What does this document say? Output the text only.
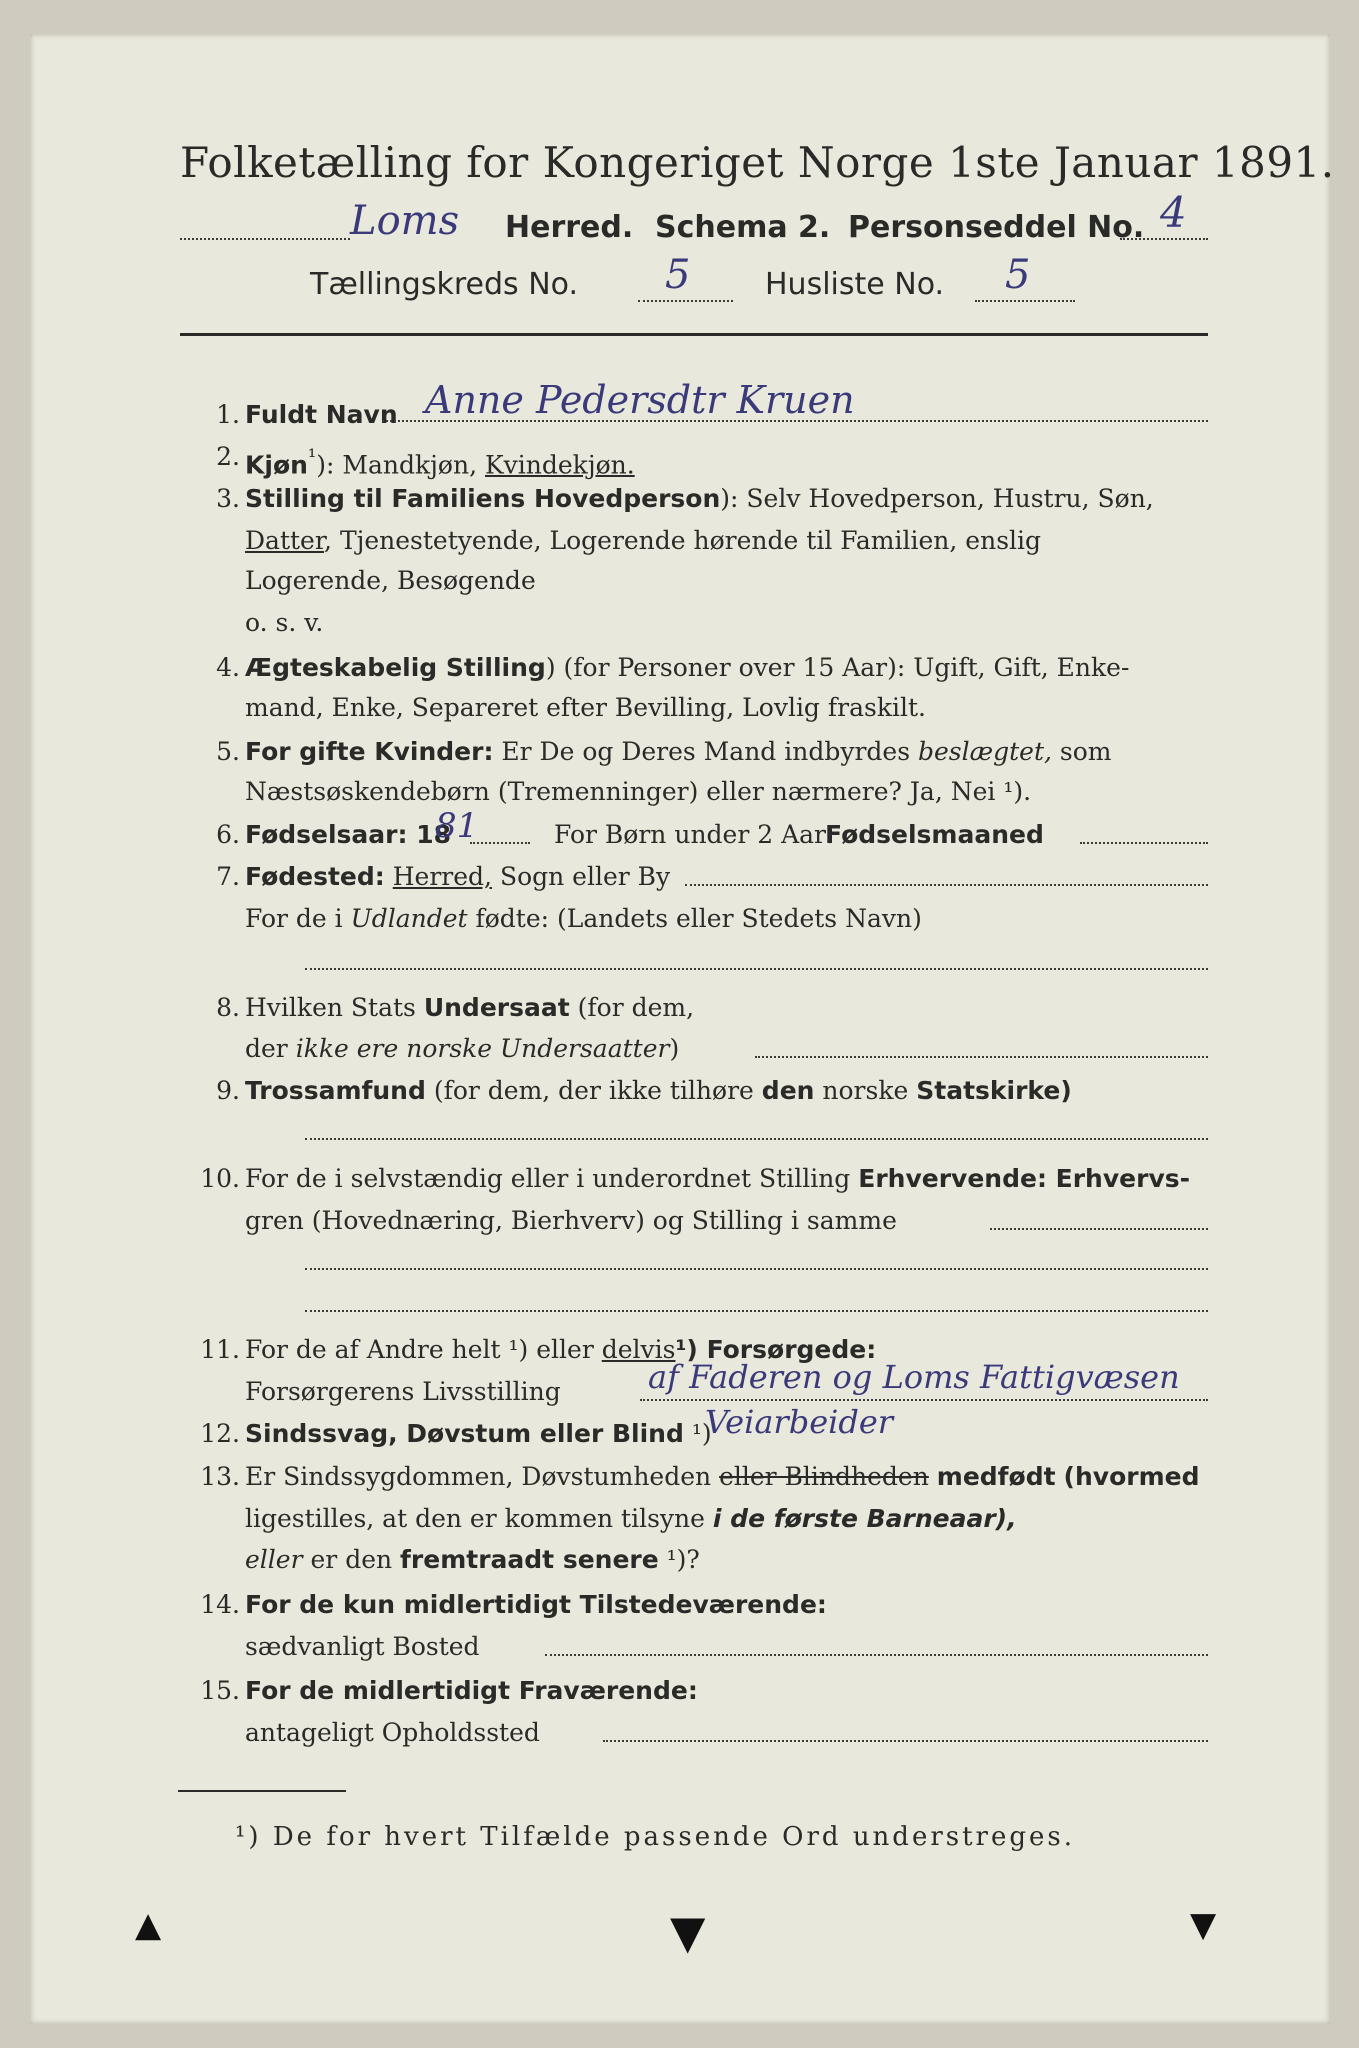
Folketælling for Kongeriget Norge 1ste Januar 1891.
Loms Herred. Schema 2. Personseddel No. 4
Tællingskreds No. 5 Husliste No. 5
1. Fuldt Navn Anne Pedersdtr Kruen
2. Kjøn$^{^1}$): Mandkjøn, Kvindekjøn.
3. Stilling til Familiens Hovedperson): Selv Hovedperson, Hustru, Søn,
Datter, Tjenestetyende, Logerende hørende til Familien, enslig
Logerende, Besøgende
o. s. v.
4. Ægteskabelig Stilling) (for Personer over 15 Aar): Ugift, Gift, Enke-
mand, Enke, Separeret efter Bevilling, Lovlig fraskilt.
5. For gifte Kvinder: Er De og Deres Mand indbyrdes beslægtet, som
Næstsøskendebørn (Tremenninger) eller nærmere? Ja, Nei ¹).
6. Fødselsaar: 18	For Børn under 2 Aar:
Fødselsmaaned
81
7. Fødested: Herred, Sogn eller By
For de i Udlandet fødte: (Landets eller Stedets Navn)
8. Hvilken Stats Undersaat (for dem,
der ikke ere norske Undersaatter)
9. Trossamfund (for dem, der ikke tilhøre den norske Statskirke)
10. For de i selvstændig eller i underordnet Stilling Erhvervende: Erhvervs-
gren (Hovednæring, Bierhverv) og Stilling i samme
11. For de af Andre helt ¹) eller delvis¹) Forsørgede:
Forsørgerens Livsstilling	af Faderen og Loms Fattigvæsen
12. Sindssvag, Døvstum eller Blind ¹)
Veiarbeider
13. Er Sindssygdommen, Døvstumheden eller Blindheden medfødt (hvormed
ligestilles, at den er kommen tilsyne i de første Barneaar),
eller er den fremtraadt senere ¹)?
14. For de kun midlertidigt Tilstedeværende:
sædvanligt Bosted
15. For de midlertidigt Fraværende:
antageligt Opholdssted
¹) De for hvert Tilfælde passende Ord understreges.
▲	▼	▼
